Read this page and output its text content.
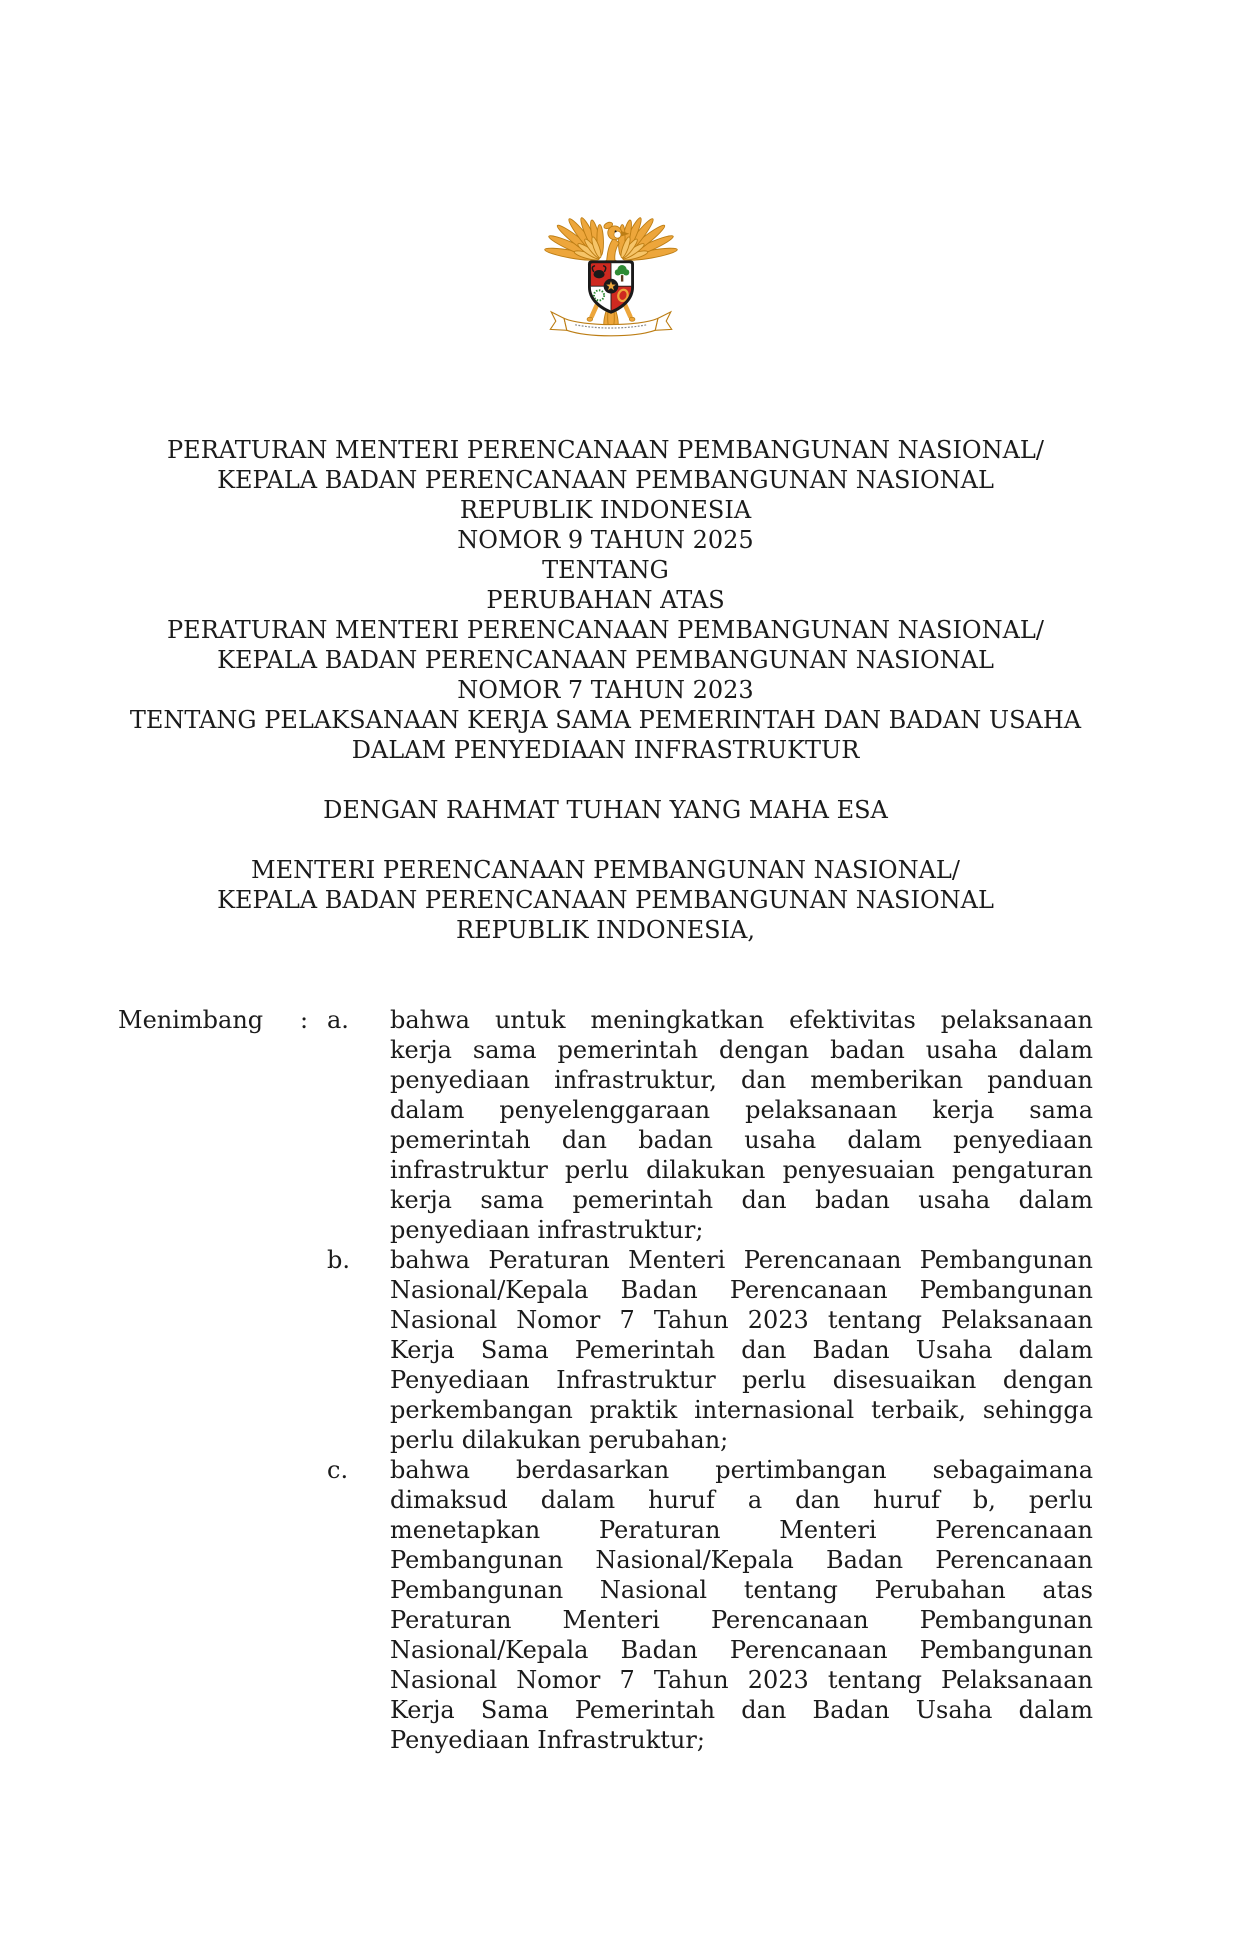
PERATURAN MENTERI PERENCANAAN PEMBANGUNAN NASIONAL/
KEPALA BADAN PERENCANAAN PEMBANGUNAN NASIONAL
REPUBLIK INDONESIA
NOMOR 9 TAHUN 2025
TENTANG
PERUBAHAN ATAS
PERATURAN MENTERI PERENCANAAN PEMBANGUNAN NASIONAL/
KEPALA BADAN PERENCANAAN PEMBANGUNAN NASIONAL
NOMOR 7 TAHUN 2023
TENTANG PELAKSANAAN KERJA SAMA PEMERINTAH DAN BADAN USAHA
DALAM PENYEDIAAN INFRASTRUKTUR
DENGAN RAHMAT TUHAN YANG MAHA ESA
MENTERI PERENCANAAN PEMBANGUNAN NASIONAL/
KEPALA BADAN PERENCANAAN PEMBANGUNAN NASIONAL
REPUBLIK INDONESIA,
Menimbang	: a.	bahwa untuk meningkatkan efektivitas pelaksanaan
kerja sama pemerintah dengan badan usaha dalam
penyediaan infrastruktur, dan memberikan panduan
dalam penyelenggaraan pelaksanaan kerja sama
pemerintah dan badan usaha dalam penyediaan
infrastruktur perlu dilakukan penyesuaian pengaturan
kerja sama pemerintah dan badan usaha dalam
penyediaan infrastruktur;
b.	bahwa Peraturan Menteri Perencanaan Pembangunan
Nasional/Kepala Badan Perencanaan Pembangunan
Nasional Nomor 7 Tahun 2023 tentang Pelaksanaan
Kerja Sama Pemerintah dan Badan Usaha dalam
Penyediaan Infrastruktur perlu disesuaikan dengan
perkembangan praktik internasional terbaik, sehingga
perlu dilakukan perubahan;
c.	bahwa berdasarkan pertimbangan sebagaimana
dimaksud dalam huruf a dan huruf b, perlu
menetapkan Peraturan Menteri Perencanaan
Pembangunan Nasional/Kepala Badan Perencanaan
Pembangunan Nasional tentang Perubahan atas
Peraturan Menteri Perencanaan Pembangunan
Nasional/Kepala Badan Perencanaan Pembangunan
Nasional Nomor 7 Tahun 2023 tentang Pelaksanaan
Kerja Sama Pemerintah dan Badan Usaha dalam
Penyediaan Infrastruktur;
